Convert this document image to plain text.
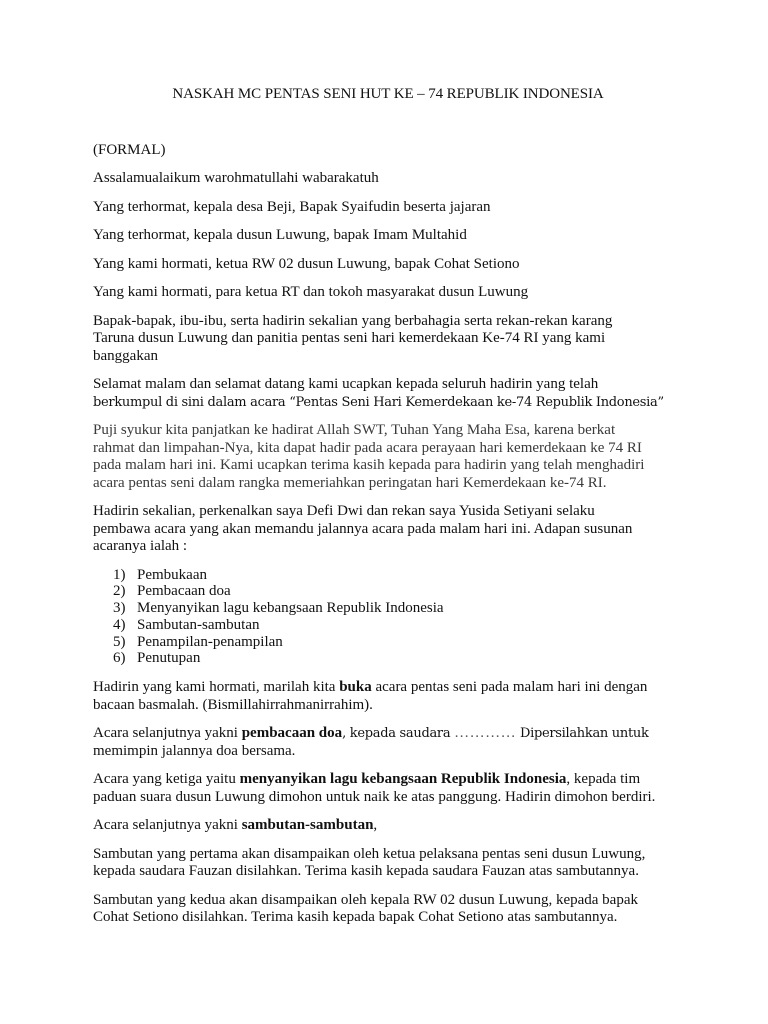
NASKAH MC PENTAS SENI HUT KE – 74 REPUBLIK INDONESIA

(FORMAL)

Assalamualaikum warohmatullahi wabarakatuh

Yang terhormat, kepala desa Beji, Bapak Syaifudin beserta jajaran

Yang terhormat, kepala dusun Luwung, bapak Imam Multahid

Yang kami hormati, ketua RW 02 dusun Luwung, bapak Cohat Setiono

Yang kami hormati, para ketua RT dan tokoh masyarakat dusun Luwung

Bapak-bapak, ibu-ibu, serta hadirin sekalian yang berbahagia serta rekan-rekan karang
Taruna dusun Luwung dan panitia pentas seni hari kemerdekaan Ke-74 RI yang kami
banggakan

Selamat malam dan selamat datang kami ucapkan kepada seluruh hadirin yang telah
berkumpul di sini dalam acara “Pentas Seni Hari Kemerdekaan ke-74 Republik Indonesia”

Puji syukur kita panjatkan ke hadirat Allah SWT, Tuhan Yang Maha Esa, karena berkat
rahmat dan limpahan-Nya, kita dapat hadir pada acara perayaan hari kemerdekaan ke 74 RI
pada malam hari ini. Kami ucapkan terima kasih kepada para hadirin yang telah menghadiri
acara pentas seni dalam rangka memeriahkan peringatan hari Kemerdekaan ke-74 RI.

Hadirin sekalian, perkenalkan saya Defi Dwi dan rekan saya Yusida Setiyani selaku
pembawa acara yang akan memandu jalannya acara pada malam hari ini. Adapan susunan
acaranya ialah :

1) Pembukaan
2) Pembacaan doa
3) Menyanyikan lagu kebangsaan Republik Indonesia
4) Sambutan-sambutan
5) Penampilan-penampilan
6) Penutupan

Hadirin yang kami hormati, marilah kita buka acara pentas seni pada malam hari ini dengan
bacaan basmalah. (Bismillahirrahmanirrahim).

Acara selanjutnya yakni pembacaan doa, kepada saudara ………… Dipersilahkan untuk
memimpin jalannya doa bersama.

Acara yang ketiga yaitu menyanyikan lagu kebangsaan Republik Indonesia, kepada tim
paduan suara dusun Luwung dimohon untuk naik ke atas panggung. Hadirin dimohon berdiri.

Acara selanjutnya yakni sambutan-sambutan,

Sambutan yang pertama akan disampaikan oleh ketua pelaksana pentas seni dusun Luwung,
kepada saudara Fauzan disilahkan. Terima kasih kepada saudara Fauzan atas sambutannya.

Sambutan yang kedua akan disampaikan oleh kepala RW 02 dusun Luwung, kepada bapak
Cohat Setiono disilahkan. Terima kasih kepada bapak Cohat Setiono atas sambutannya.
